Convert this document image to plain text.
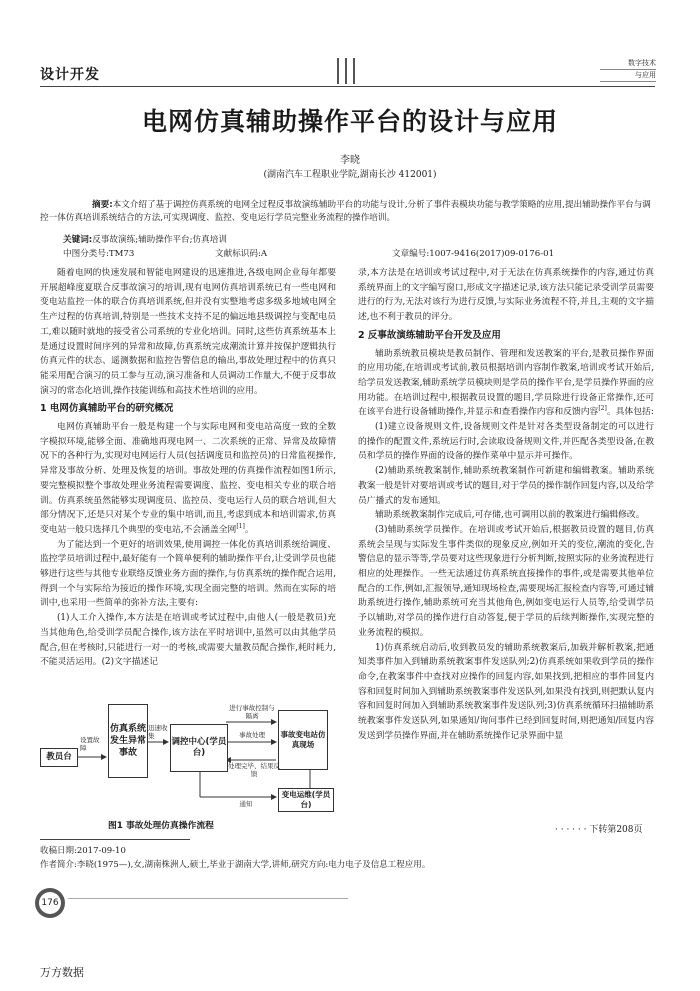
设计开发
数字技术
与应用
电网仿真辅助操作平台的设计与应用
李晓
(湖南汽车工程职业学院,湖南长沙 412001)
摘要:本文介绍了基于调控仿真系统的电网全过程反事故演练辅助平台的功能与设计,分析了事件表模块功能与教学策略的应用,提出辅助操作平台与调控一体仿真培训系统结合的方法,可实现调度、监控、变电运行学员完整业务流程的操作培训。
关键词:反事故演练;辅助操作平台;仿真培训
中图分类号:TM73	文献标识码:A	文章编号:1007-9416(2017)09-0176-01

随着电网的快速发展和智能电网建设的迅速推进,各级电网企业每年都要开展超峰度夏联合反事故演习的培训,现有电网仿真培训系统已有一些电网和变电站监控一体的联合仿真培训系统,但并没有实整地考虑多级多地域电网全生产过程的仿真培训,特别是一些技术支持不足的偏远地县级调控与变配电员工,难以随时就地的接受省公司系统的专业化培训。同时,这些仿真系统基本上是通过设置时间序列的异常和故障,仿真系统完成潮流计算并按保护逻辑执行仿真元件的状态、遥测数据和监控告警信息的输出,事故处理过程中的仿真只能采用配合演习的员工参与互动,演习准备和人员调动工作量大,不便于反事故演习的常态化培训,操作技能训练和高技术性培训的应用。

1 电网仿真辅助平台的研究概况

电网仿真辅助平台一般是构建一个与实际电网和变电站高度一致的全数字模拟环境,能够全面、准确地再现电网一、二次系统的正常、异常及故障情况下的各种行为,实现对电网运行人员(包括调度员和监控员)的日常监视操作,异常及事故分析、处理及恢复的培训。事故处理的仿真操作流程如图1所示,要完整模拟整个事故处理业务流程需要调度、监控、变电相关专业的联合培训。仿真系统虽然能够实现调度员、监控员、变电运行人员的联合培训,但大部分情况下,还是只对某个专业的集中培训,而且,考虑到成本和培训需求,仿真变电站一般只选择几个典型的变电站,不会涵盖全网[1]。

为了能达到一个更好的培训效果,使用调控一体化仿真培训系统给调度、监控学员培训过程中,最好能有一个简单便利的辅助操作平台,让受训学员也能够进行这些与其他专业联络反馈业务方面的操作,与仿真系统的操作配合运用,得到一个与实际给为接近的操作环境,实现全面完整的培训。然而在实际的培训中,也采用一些简单的弥补方法,主要有:

(1)人工介入操作,本方法是在培训或考试过程中,由他人(一般是教员)充当其他角色,给受训学员配合操作,该方法在平时培训中,虽然可以由其他学员配合,但在考核时,只能进行一对一的考核,或需要大量教员配合操作,耗时耗力,不能灵活运用。(2)文字描述记

录,本方法是在培训或考试过程中,对于无法在仿真系统操作的内容,通过仿真系统界面上的文字编写窗口,形成文字描述记录,该方法只能记录受训学员需要进行的行为,无法对该行为进行反馈,与实际业务流程不符,并且,主观的文字描述,也不利于教员的评分。

2 反事故演练辅助平台开发及应用

辅助系统教员模块是教员制作、管理和发送教案的平台,是教员操作界面的应用功能,在培训或考试前,教员根据培训内容制作教案,培训或考试开始后,给学员发送教案,辅助系统学员模块则是学员的操作平台,是学员操作界面的应用功能。在培训过程中,根据教员设置的题目,学员除进行设备正常操作,还可在该平台进行设备辅助操作,并显示和查看操作内容和反馈内容[2]。具体包括:

(1)建立设备规则文件,设备规则文件是针对各类型设备制定的可以进行的操作的配置文件,系统运行时,会读取设备规则文件,并匹配各类型设备,在教员和学员的操作界面的设备的操作菜单中显示并可操作。

(2)辅助系统教案制作,辅助系统教案制作可新建和编辑教案。辅助系统教案一般是针对要培训或考试的题目,对于学员的操作制作回复内容,以及给学员广播式的发布通知。

辅助系统教案制作完成后,可存储,也可调用以前的教案进行编辑修改。

(3)辅助系统学员操作。在培训或考试开始后,根据教员设置的题目,仿真系统会呈现与实际发生事件类似的现象反应,例如开关的变位,潮流的变化,告警信息的显示等等,学员要对这些现象进行分析判断,按照实际的业务流程进行相应的处理操作。一些无法通过仿真系统直接操作的事件,或是需要其他单位配合的工作,例如,汇报领导,通知现场检查,需要现场汇报检查内容等,可通过辅助系统进行操作,辅助系统可充当其他角色,例如变电运行人员等,给受训学员予以辅助,对学员的操作进行自动答复,便于学员的后续判断操作,实现完整的业务流程的模拟。

1)仿真系统启动后,收到教员发的辅助系统教案后,加载并解析教案,把通知类事件加入到辅助系统教案事件发送队列;2)仿真系统如果收到学员的操作命令,在教案事件中查找对应操作的回复内容,如果找到,把相应的事件回复内容和回复时间加入到辅助系统教案事件发送队列,如果没有找到,则把默认复内容和回复时间加入到辅助系统教案事件发送队列;3)仿真系统循环扫描辅助系统教案事件发送队列,如果通知/询问事件已经到回复时间,则把通知/回复内容发送到学员操作界面,并在辅助系统操作记录界面中显

教员台
仿真系统发生异常事故
调控中心(学员台)
事故变电站仿真现场
变电运维(学员台)
设置故障
迅速收集
进行事故控制与隔离
处理完毕、结果反馈
事故处理
通知
图1 事故处理仿真操作流程	· · · · · · 下转第208页
收稿日期:2017-09-10
作者简介:李晓(1975—),女,湖南株洲人,硕士,毕业于湖南大学,讲师,研究方向:电力电子及信息工程应用。
176
万方数据
